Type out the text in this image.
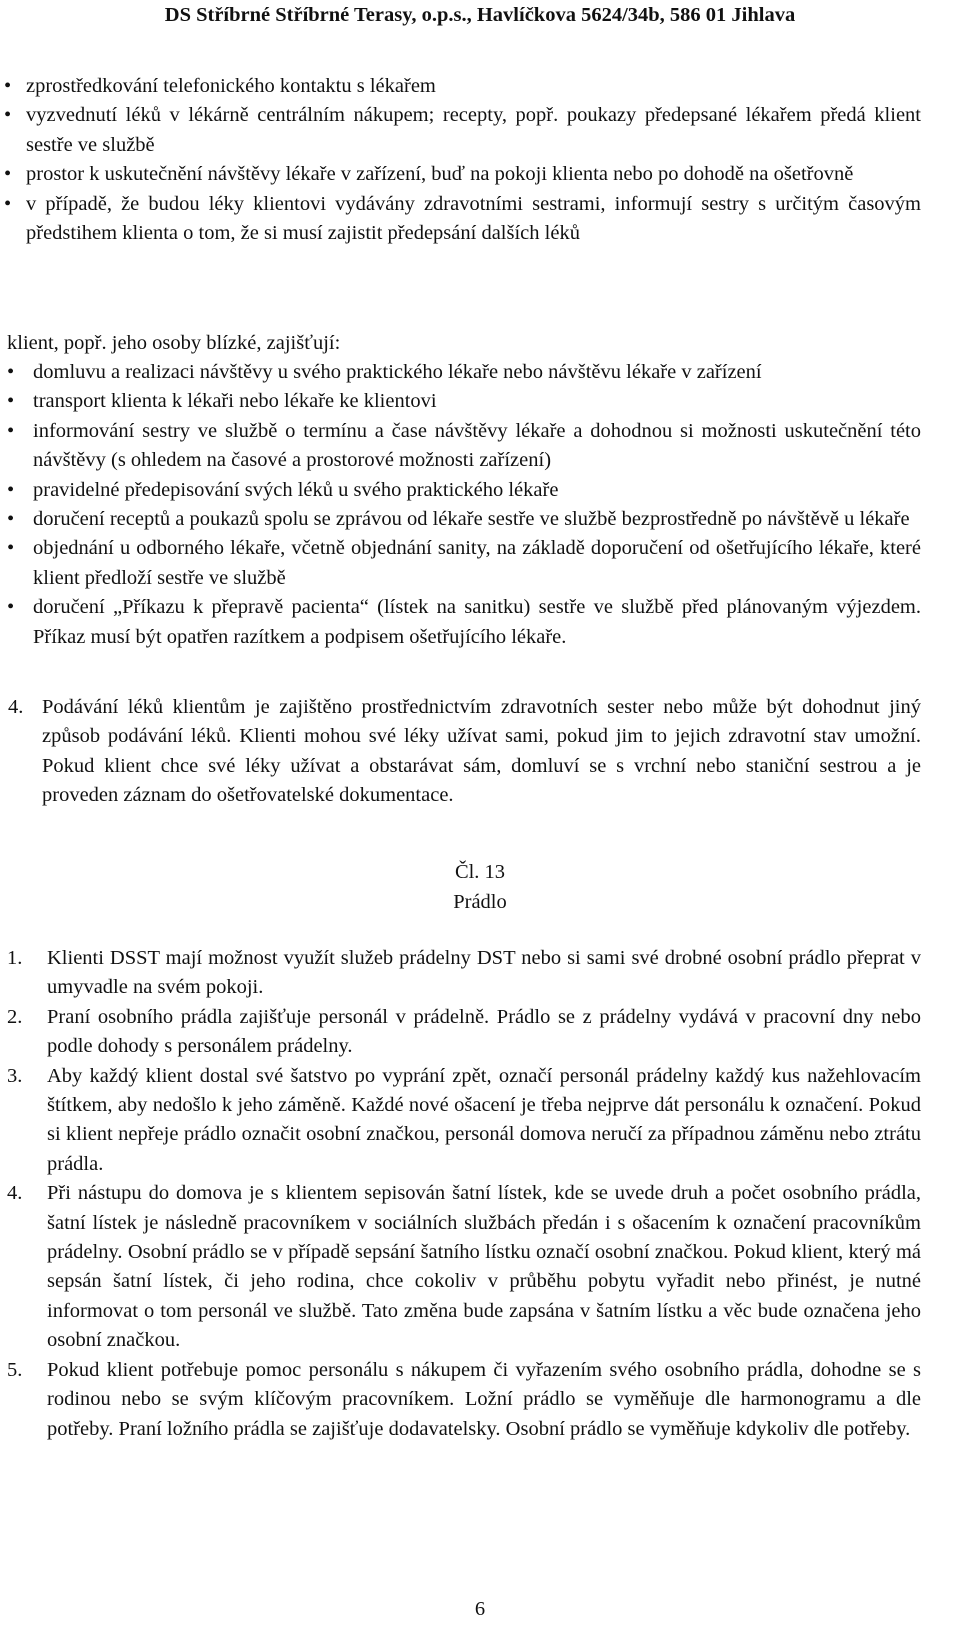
DS Stříbrné Stříbrné Terasy, o.p.s., Havlíčkova 5624/34b, 586 01 Jihlava
• zprostředkování telefonického kontaktu s lékařem
• vyzvednutí léků v lékárně centrálním nákupem; recepty, popř. poukazy předepsané lékařem předá klient sestře ve službě
• prostor k uskutečnění návštěvy lékaře v zařízení, buď na pokoji klienta nebo po dohodě na ošetřovně
• v případě, že budou léky klientovi vydávány zdravotními sestrami, informují sestry s určitým časovým předstihem klienta o tom, že si musí zajistit předepsání dalších léků

klient, popř. jeho osoby blízké, zajišťují:

• domluvu a realizaci návštěvy u svého praktického lékaře nebo návštěvu lékaře v zařízení
• transport klienta k lékaři nebo lékaře ke klientovi
• informování sestry ve službě o termínu a čase návštěvy lékaře a dohodnou si možnosti uskutečnění této návštěvy (s ohledem na časové a prostorové možnosti zařízení)
• pravidelné předepisování svých léků u svého praktického lékaře
• doručení receptů a poukazů spolu se zprávou od lékaře sestře ve službě bezprostředně po návštěvě u lékaře
• objednání u odborného lékaře, včetně objednání sanity, na základě doporučení od ošetřujícího lékaře, které klient předloží sestře ve službě
• doručení „Příkazu k přepravě pacienta“ (lístek na sanitku) sestře ve službě před plánovaným výjezdem. Příkaz musí být opatřen razítkem a podpisem ošetřujícího lékaře.
4. Podávání léků klientům je zajištěno prostřednictvím zdravotních sester nebo může být dohodnut jiný způsob podávání léků. Klienti mohou své léky užívat sami, pokud jim to jejich zdravotní stav umožní. Pokud klient chce své léky užívat a obstarávat sám, domluví se s vrchní nebo staniční sestrou a je proveden záznam do ošetřovatelské dokumentace.
Čl. 13
Prádlo
1. Klienti DSST mají možnost využít služeb prádelny DST nebo si sami své drobné osobní prádlo přeprat v umyvadle na svém pokoji.
2. Praní osobního prádla zajišťuje personál v prádelně. Prádlo se z prádelny vydává v pracovní dny nebo podle dohody s personálem prádelny.
3. Aby každý klient dostal své šatstvo po vyprání zpět, označí personál prádelny každý kus nažehlovacím štítkem, aby nedošlo k jeho záměně. Každé nové ošacení je třeba nejprve dát personálu k označení. Pokud si klient nepřeje prádlo označit osobní značkou, personál domova neručí za případnou záměnu nebo ztrátu prádla.
4. Při nástupu do domova je s klientem sepisován šatní lístek, kde se uvede druh a počet osobního prádla, šatní lístek je následně pracovníkem v sociálních službách předán i s ošacením k označení pracovníkům prádelny. Osobní prádlo se v případě sepsání šatního lístku označí osobní značkou. Pokud klient, který má sepsán šatní lístek, či jeho rodina, chce cokoliv v průběhu pobytu vyřadit nebo přinést, je nutné informovat o tom personál ve službě. Tato změna bude zapsána v šatním lístku a věc bude označena jeho osobní značkou.
5. Pokud klient potřebuje pomoc personálu s nákupem či vyřazením svého osobního prádla, dohodne se s rodinou nebo se svým klíčovým pracovníkem. Ložní prádlo se vyměňuje dle harmonogramu a dle potřeby. Praní ložního prádla se zajišťuje dodavatelsky. Osobní prádlo se vyměňuje kdykoliv dle potřeby.
6
